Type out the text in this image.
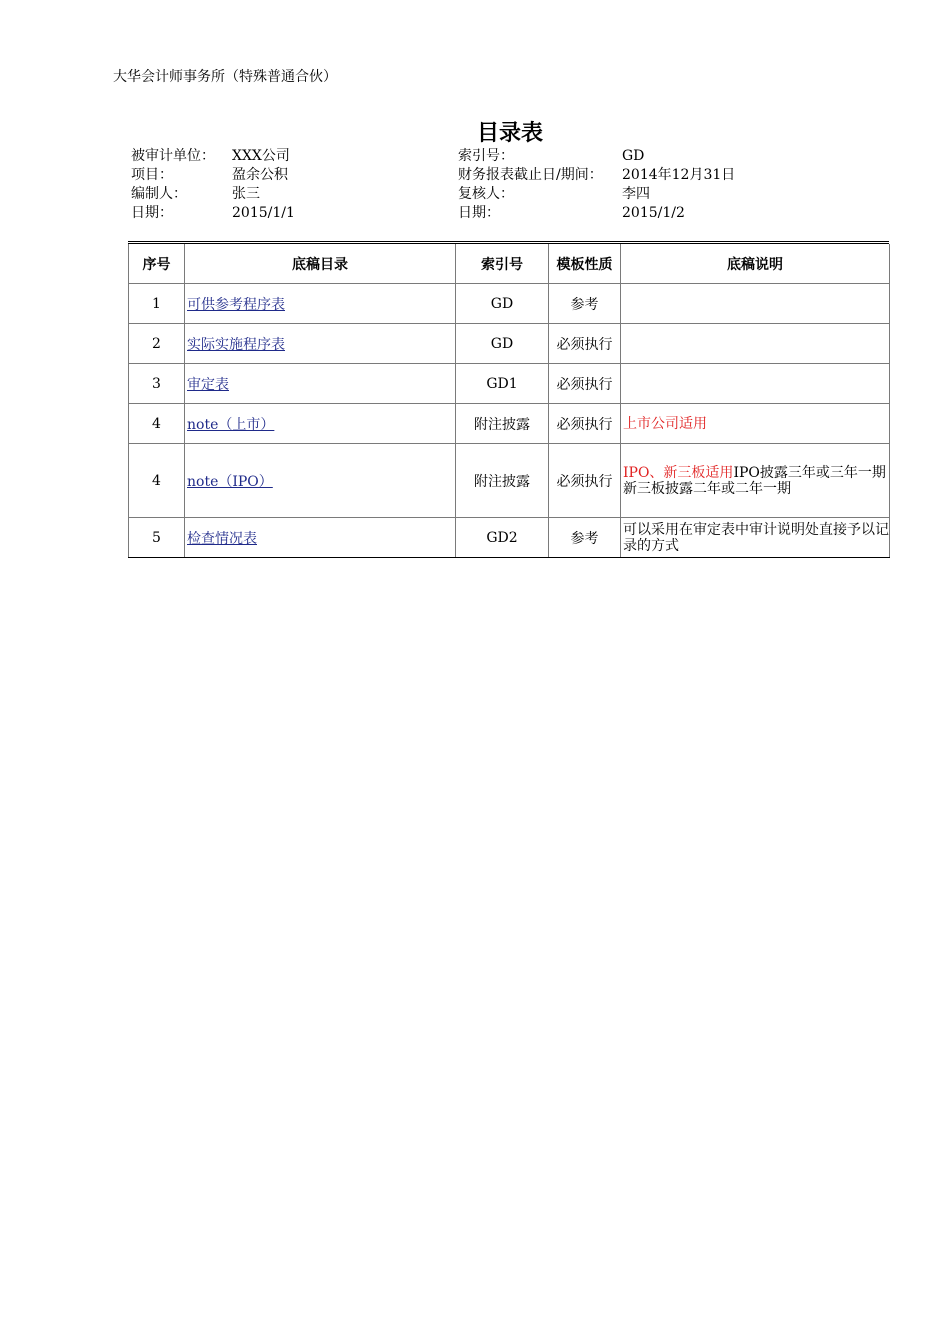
大华会计师事务所（特殊普通合伙）
目录表
被审计单位： XXX公司
项目：	盈余公积
编制人：	张三
日期：	2015/1/1
索引号：	GD
财务报表截止日/期间： 2014年12月31日
复核人：	李四
日期：	2015/1/2
序号	底稿目录	索引号	模板性质	底稿说明
1	可供参考程序表	GD	参考	
2	实际实施程序表	GD	必须执行	
3	审定表	GD1	必须执行	
4	note（上市）	附注披露	必须执行	上市公司适用
4	note（IPO）	附注披露	必须执行	IPO、新三板适用IPO披露三年或三年一期新三板披露二年或二年一期
5	检查情况表	GD2	参考	可以采用在审定表中审计说明处直接予以记录的方式
